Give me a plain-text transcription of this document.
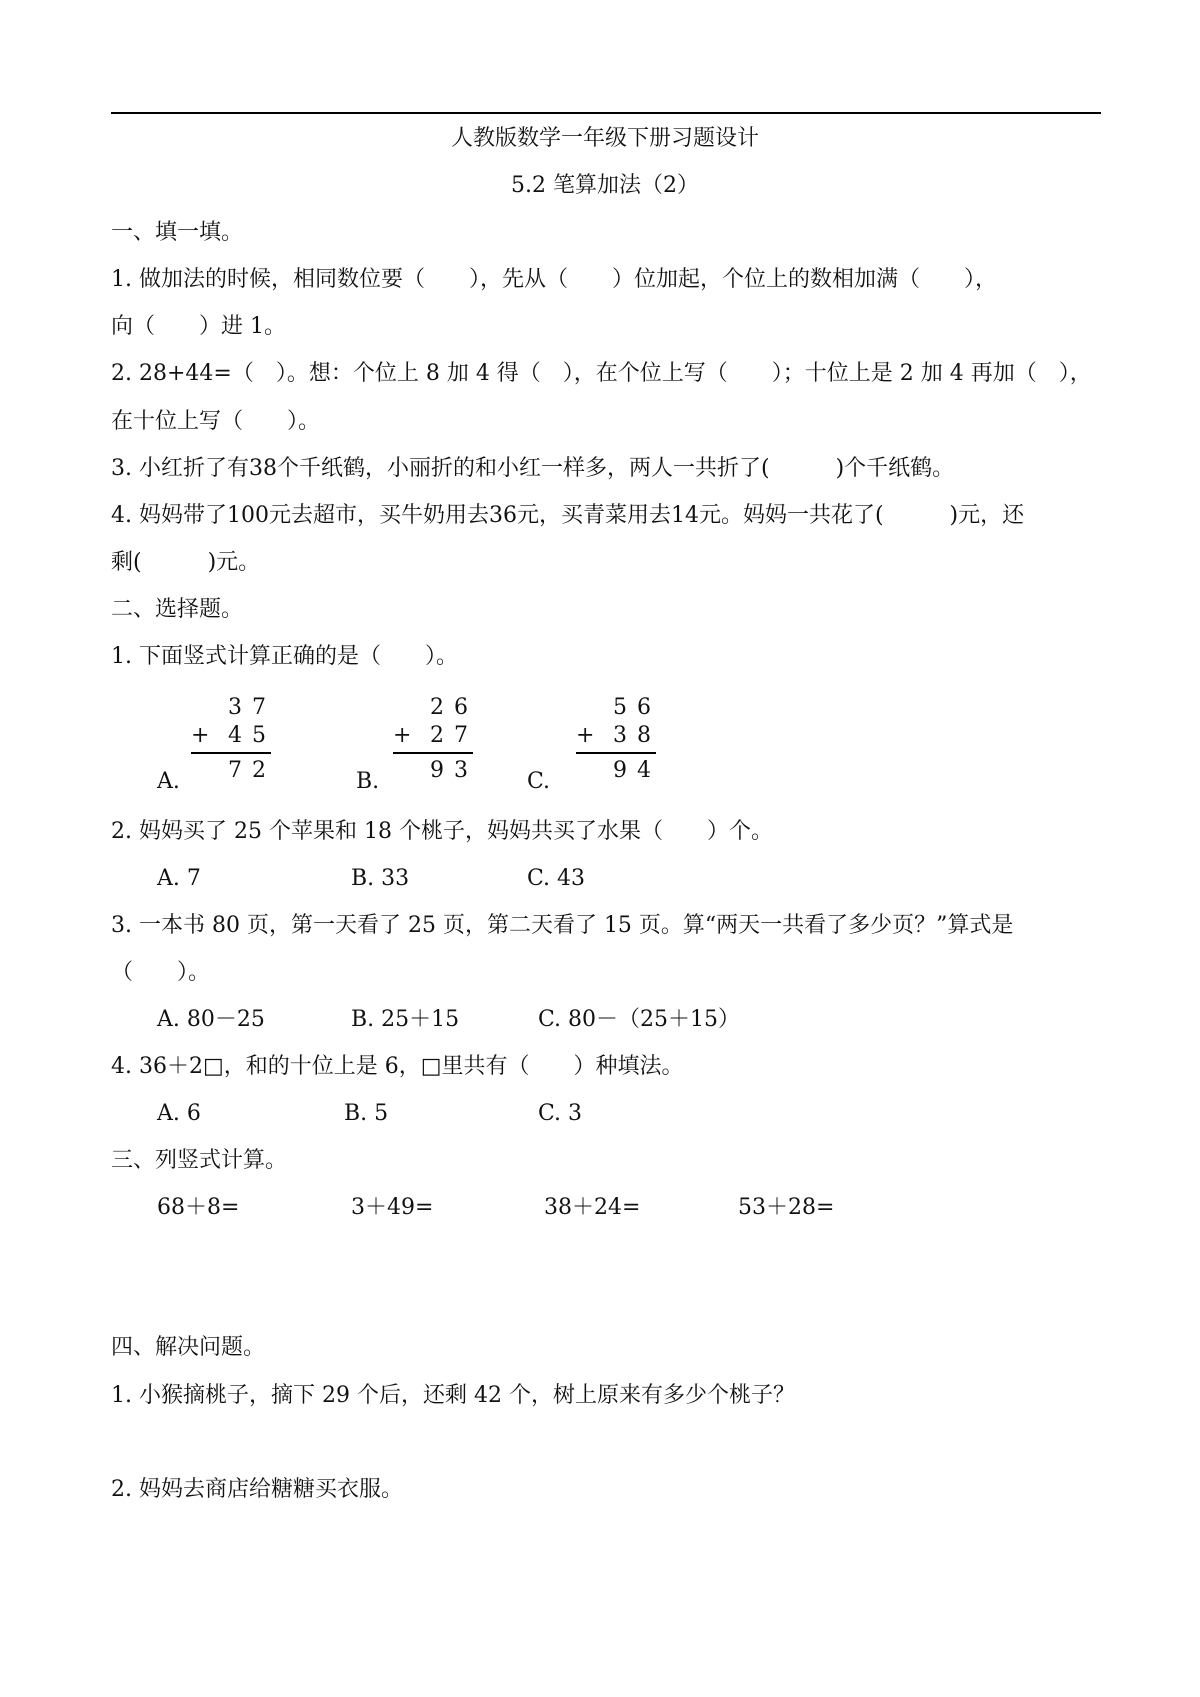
人教版数学一年级下册习题设计
5.2 笔算加法（2）
一、填一填。
1. 做加法的时候，相同数位要（　　），先从（　　）位加起，个位上的数相加满（　　），
向（　　）进 1。
2. 28+44=（　）。想：个位上 8 加 4 得（　），在个位上写（　　）；十位上是 2 加 4 再加（　），
在十位上写（　　）。
3. 小红折了有38个千纸鹤，小丽折的和小红一样多，两人一共折了(　　　)个千纸鹤。
4. 妈妈带了100元去超市，买牛奶用去36元，买青菜用去14元。妈妈一共花了(　　　)元，还
剩(　　　)元。
二、选择题。
1. 下面竖式计算正确的是（　　）。
A.
3 7
+ 4 5
7 2	B.
2 6
+ 2 7
9 3	C.
5 6
+ 3 8
9 4
2. 妈妈买了 25 个苹果和 18 个桃子，妈妈共买了水果（　　）个。
A. 7	B. 33	C. 43
3. 一本书 80 页，第一天看了 25 页，第二天看了 15 页。算“两天一共看了多少页？”算式是
（　　）。
A. 80－25	B. 25＋15	C. 80－（25＋15）
4. 36＋2□，和的十位上是 6，□里共有（　　）种填法。
A. 6	B. 5	C. 3
三、列竖式计算。
68＋8=	3＋49=	38＋24=	53＋28=
四、解决问题。
1. 小猴摘桃子，摘下 29 个后，还剩 42 个，树上原来有多少个桃子？
2. 妈妈去商店给糖糖买衣服。
